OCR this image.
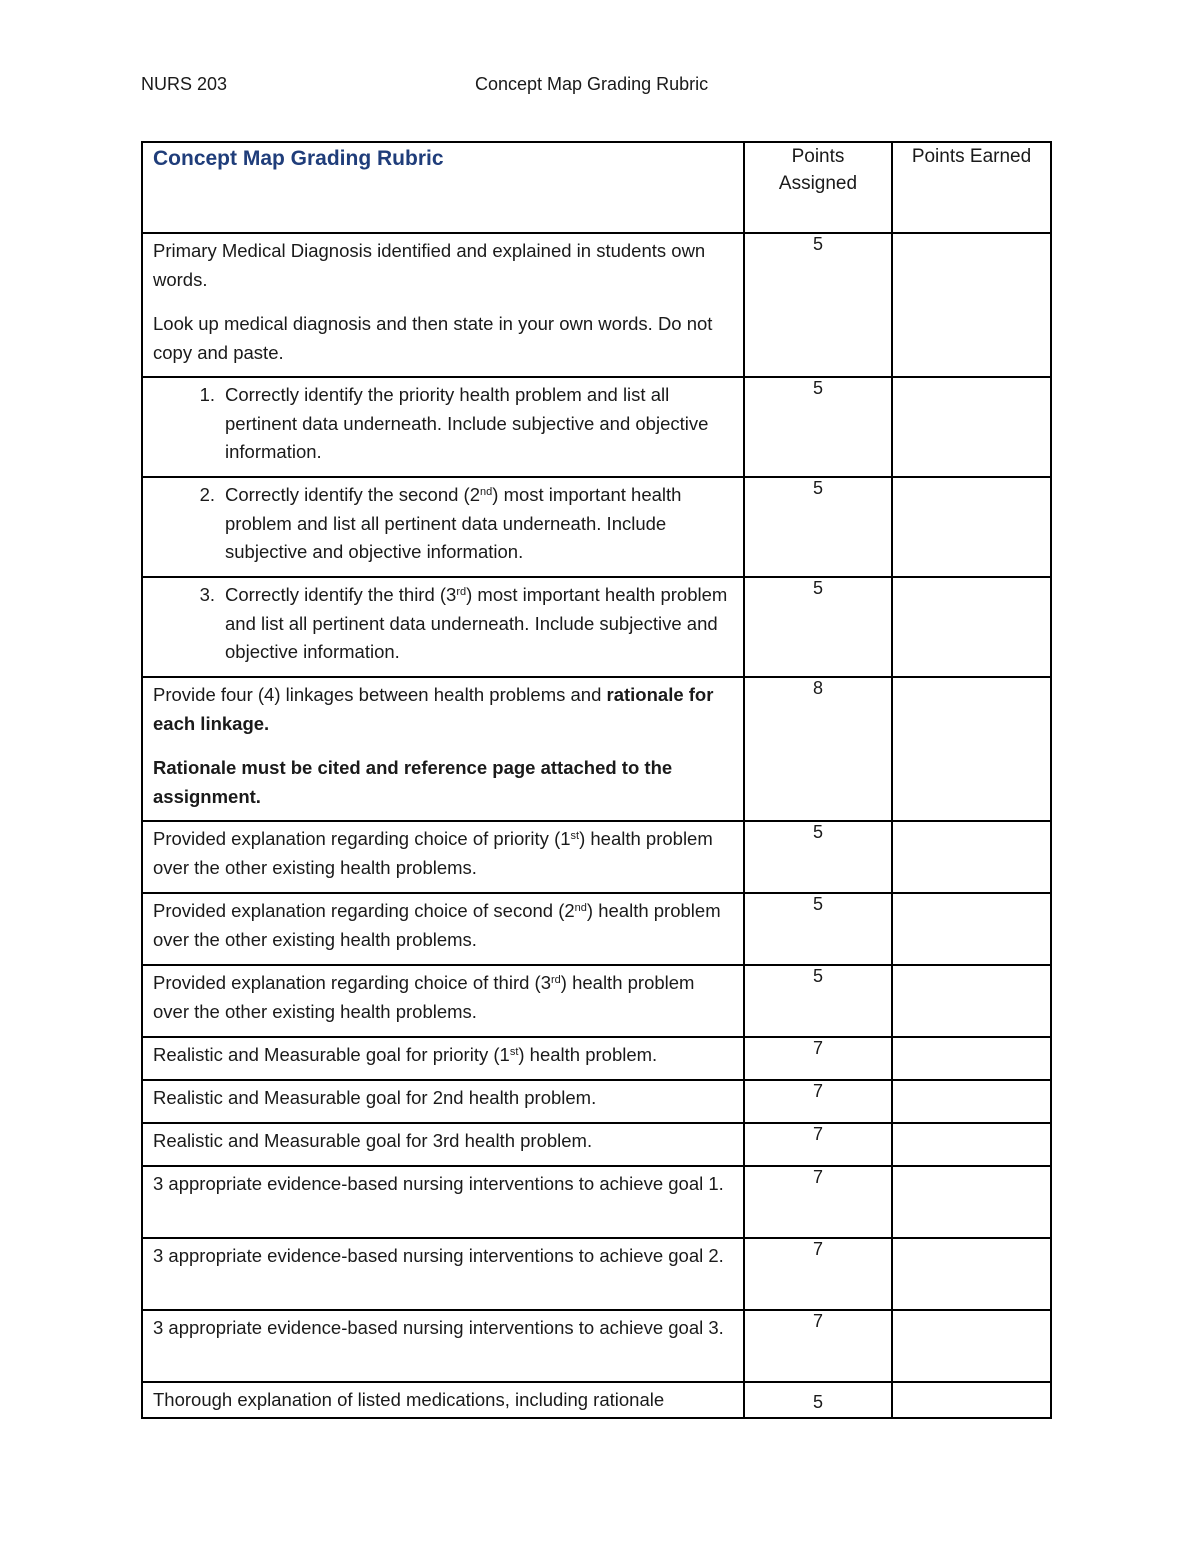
NURS 203	Concept Map Grading Rubric
Concept Map Grading Rubric	Points Assigned	Points Earned

Primary Medical Diagnosis identified and explained in students own words.

Look up medical diagnosis and then state in your own words. Do not copy and paste.	5	

1. Correctly identify the priority health problem and list all pertinent data underneath. Include subjective and objective information.	5	

2. Correctly identify the second (2nd) most important health problem and list all pertinent data underneath. Include subjective and objective information.	5	

3. Correctly identify the third (3rd) most important health problem and list all pertinent data underneath. Include subjective and objective information.	5	

Provide four (4) linkages between health problems and rationale for each linkage.

Rationale must be cited and reference page attached to the assignment.	8	

Provided explanation regarding choice of priority (1st) health problem over the other existing health problems.	5	

Provided explanation regarding choice of second (2nd) health problem over the other existing health problems.	5	

Provided explanation regarding choice of third (3rd) health problem over the other existing health problems.	5	

Realistic and Measurable goal for priority (1st) health problem.	7	

Realistic and Measurable goal for 2nd health problem.	7	

Realistic and Measurable goal for 3rd health problem.	7	

3 appropriate evidence-based nursing interventions to achieve goal 1.	7	

3 appropriate evidence-based nursing interventions to achieve goal 2.	7	

3 appropriate evidence-based nursing interventions to achieve goal 3.	7	

Thorough explanation of listed medications, including rationale	5	
